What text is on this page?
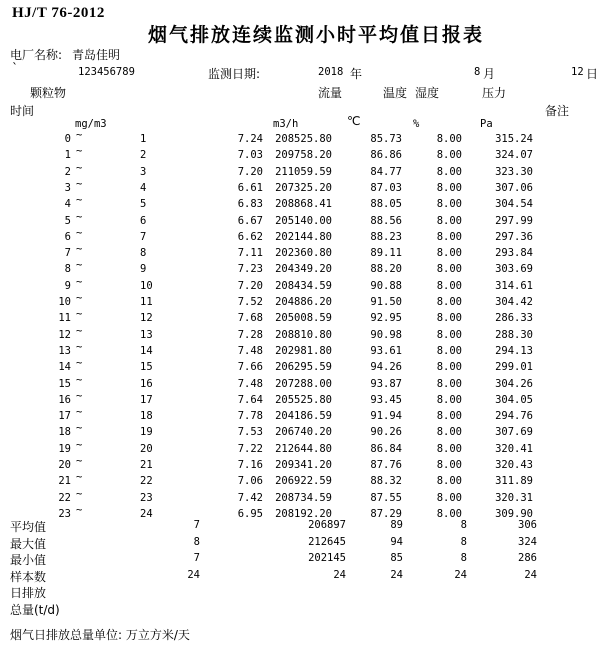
HJ/T 76-2012
烟气排放连续监测小时平均值日报表
电厂名称: 青岛佳明
`	123456789	监测日期:	2018 年	8 月	12 日
颗粒物	流量	温度 湿度	压力
时间	备注
mg/m3	m3/h	℃	%	Pa
0 ~	1	7.24 208525.80	85.73	8.00	315.24
1 ~	2	7.03 209758.20	86.86	8.00	324.07
2 ~	3	7.20 211059.59	84.77	8.00	323.30
3 ~	4	6.61 207325.20	87.03	8.00	307.06
4 ~	5	6.83 208868.41	88.05	8.00	304.54
5 ~	6	6.67 205140.00	88.56	8.00	297.99
6 ~	7	6.62 202144.80	88.23	8.00	297.36
7 ~	8	7.11 202360.80	89.11	8.00	293.84
8 ~	9	7.23 204349.20	88.20	8.00	303.69
9 ~	10	7.20 208434.59	90.88	8.00	314.61
10 ~	11	7.52 204886.20	91.50	8.00	304.42
11 ~	12	7.68 205008.59	92.95	8.00	286.33
12 ~	13	7.28 208810.80	90.98	8.00	288.30
13 ~	14	7.48 202981.80	93.61	8.00	294.13
14 ~	15	7.66 206295.59	94.26	8.00	299.01
15 ~	16	7.48 207288.00	93.87	8.00	304.26
16 ~	17	7.64 205525.80	93.45	8.00	304.05
17 ~	18	7.78 204186.59	91.94	8.00	294.76
18 ~	19	7.53 206740.20	90.26	8.00	307.69
19 ~	20	7.22 212644.80	86.84	8.00	320.41
20 ~	21	7.16 209341.20	87.76	8.00	320.43
21 ~	22	7.06 206922.59	88.32	8.00	311.89
22 ~	23	7.42 208734.59	87.55	8.00	320.31
23 ~	24	6.95 208192.20	87.29	8.00	309.90
平均值	7	206897	89	8	306
最大值	8	212645	94	8	324
最小值	7	202145	85	8	286
样本数	24	24	24	24	24
日排放
总量(t/d)
烟气日排放总量单位: 万立方米/天
